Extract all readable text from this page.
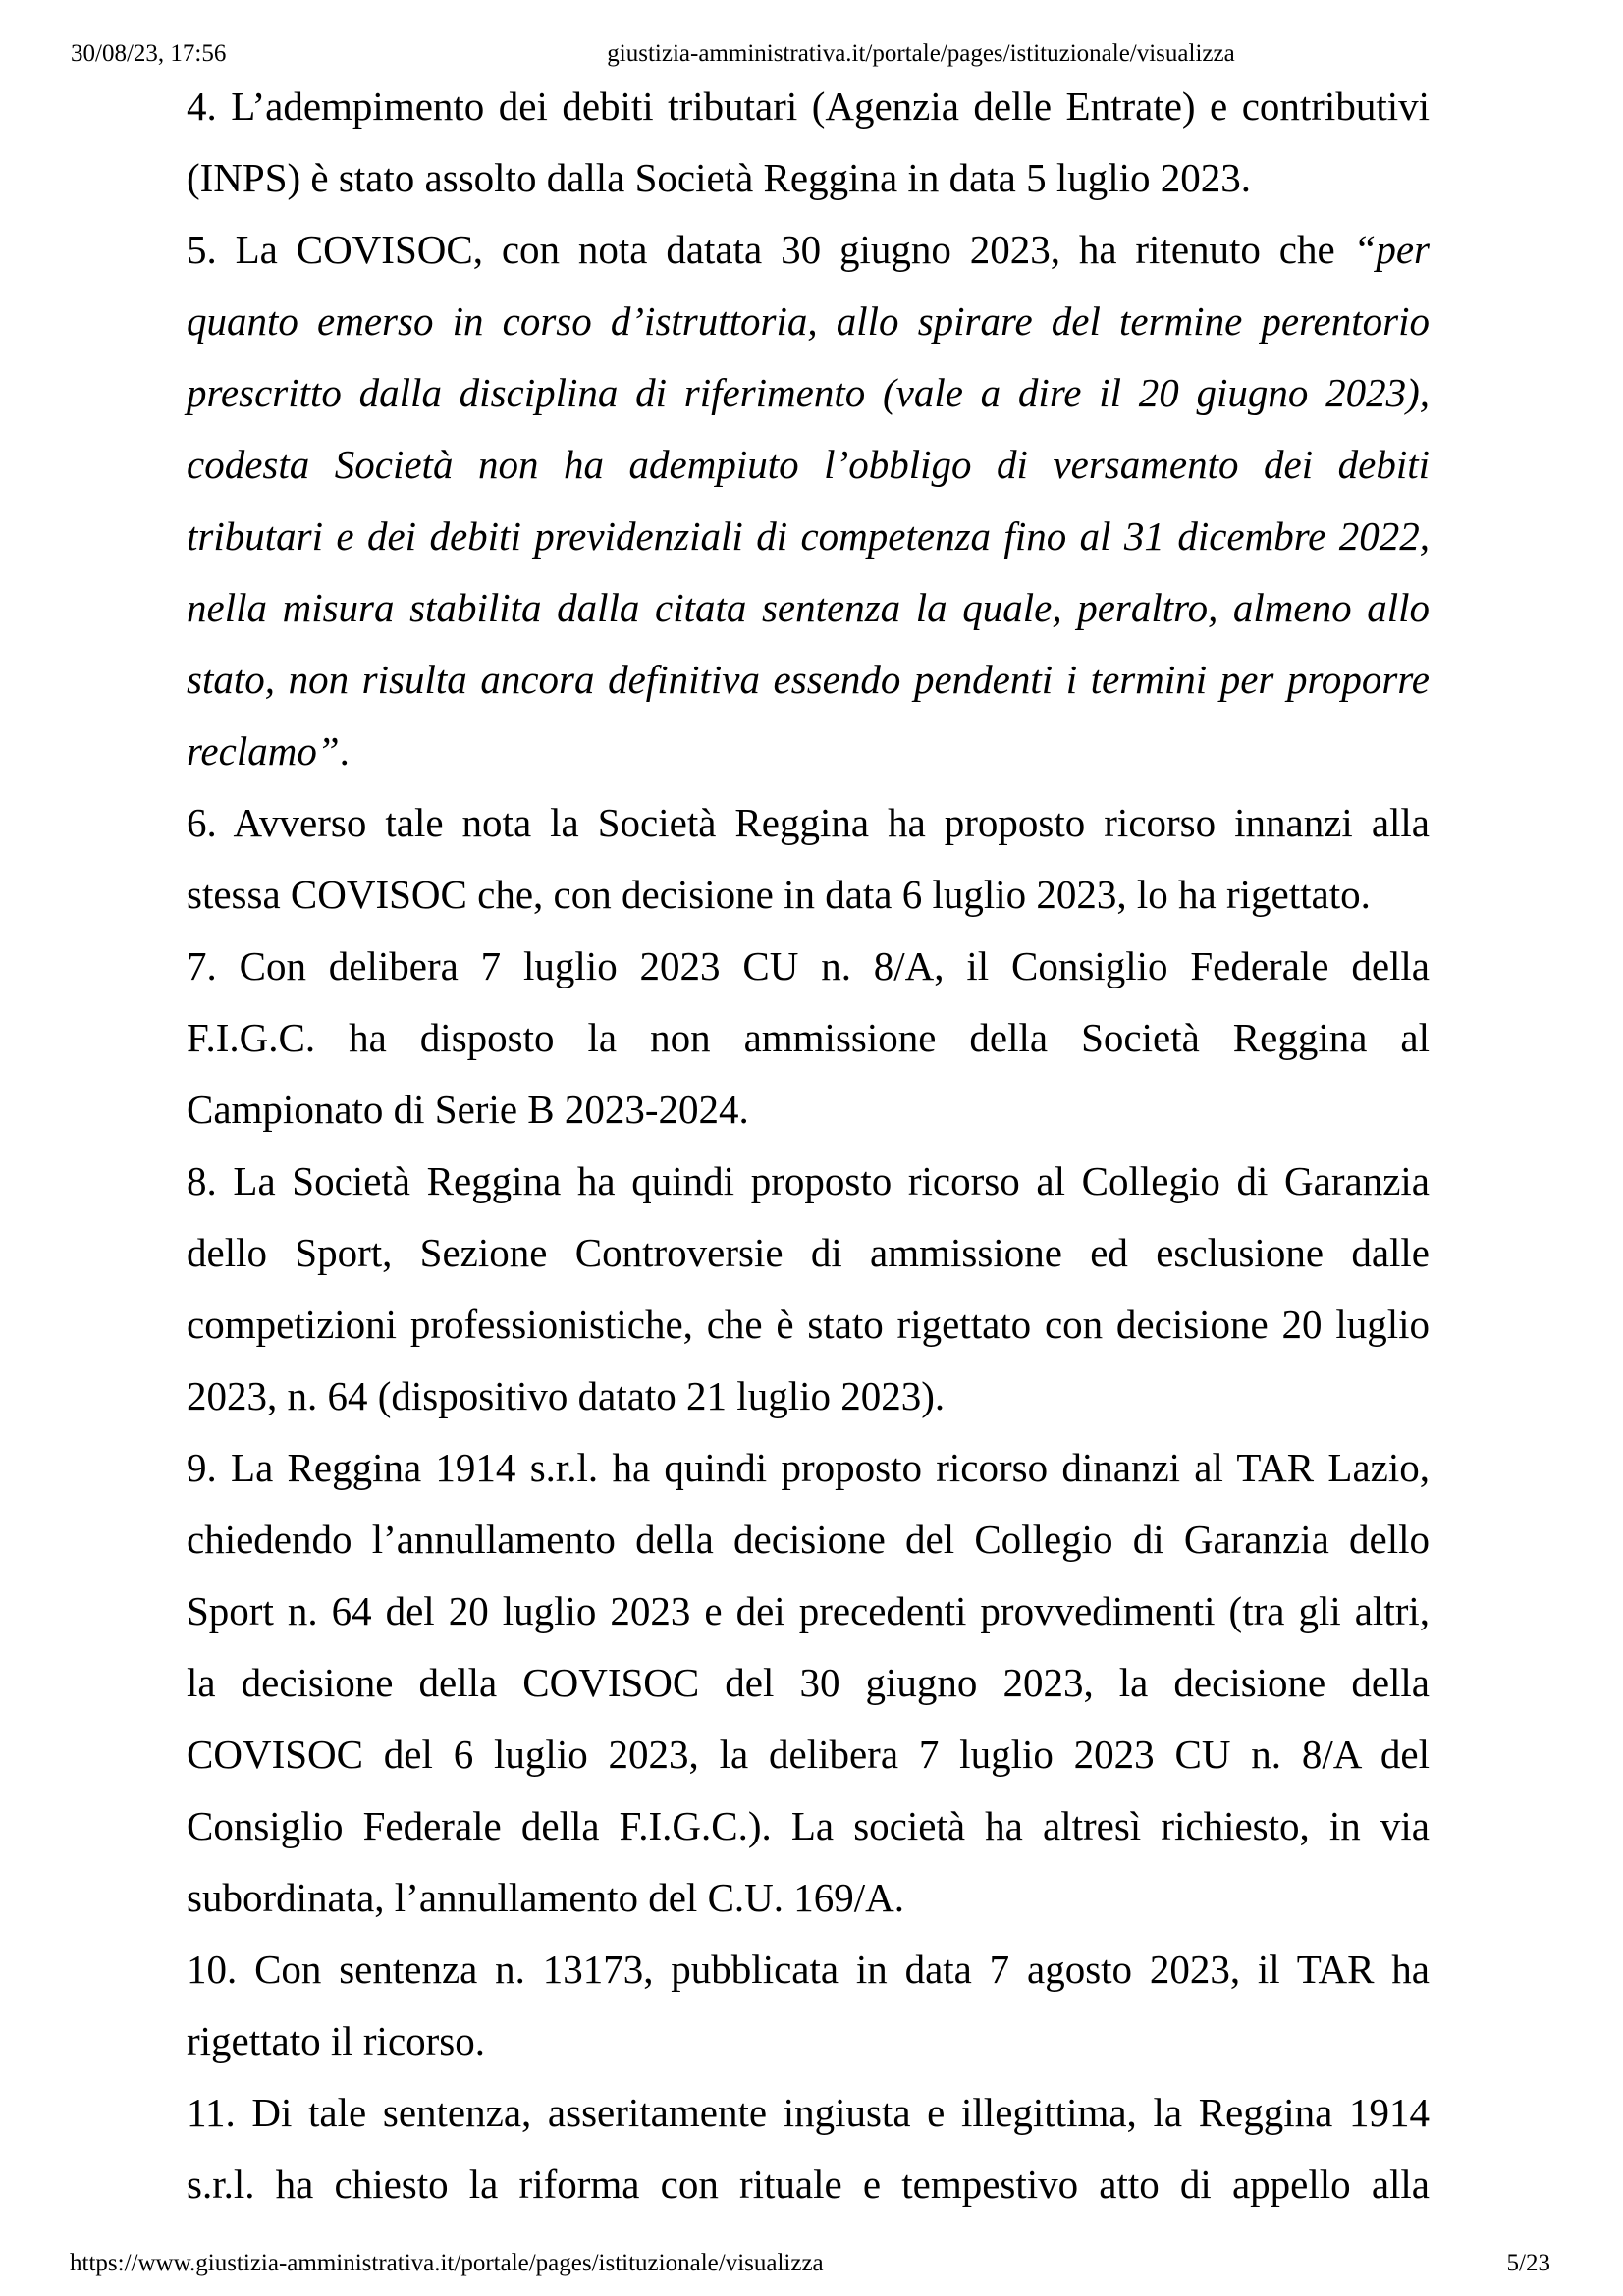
30/08/23, 17:56	giustizia-amministrativa.it/portale/pages/istituzionale/visualizza
4. L’adempimento dei debiti tributari (Agenzia delle Entrate) e contributivi
(INPS) è stato assolto dalla Società Reggina in data 5 luglio 2023.
5. La COVISOC, con nota datata 30 giugno 2023, ha ritenuto che “per
quanto emerso in corso d’istruttoria, allo spirare del termine perentorio
prescritto dalla disciplina di riferimento (vale a dire il 20 giugno 2023),
codesta Società non ha adempiuto l’obbligo di versamento dei debiti
tributari e dei debiti previdenziali di competenza fino al 31 dicembre 2022,
nella misura stabilita dalla citata sentenza la quale, peraltro, almeno allo
stato, non risulta ancora definitiva essendo pendenti i termini per proporre
reclamo”.
6. Avverso tale nota la Società Reggina ha proposto ricorso innanzi alla
stessa COVISOC che, con decisione in data 6 luglio 2023, lo ha rigettato.
7. Con delibera 7 luglio 2023 CU n. 8/A, il Consiglio Federale della
F.I.G.C. ha disposto la non ammissione della Società Reggina al
Campionato di Serie B 2023-2024.
8. La Società Reggina ha quindi proposto ricorso al Collegio di Garanzia
dello Sport, Sezione Controversie di ammissione ed esclusione dalle
competizioni professionistiche, che è stato rigettato con decisione 20 luglio
2023, n. 64 (dispositivo datato 21 luglio 2023).
9. La Reggina 1914 s.r.l. ha quindi proposto ricorso dinanzi al TAR Lazio,
chiedendo l’annullamento della decisione del Collegio di Garanzia dello
Sport n. 64 del 20 luglio 2023 e dei precedenti provvedimenti (tra gli altri,
la decisione della COVISOC del 30 giugno 2023, la decisione della
COVISOC del 6 luglio 2023, la delibera 7 luglio 2023 CU n. 8/A del
Consiglio Federale della F.I.G.C.). La società ha altresì richiesto, in via
subordinata, l’annullamento del C.U. 169/A.
10. Con sentenza n. 13173, pubblicata in data 7 agosto 2023, il TAR ha
rigettato il ricorso.
11. Di tale sentenza, asseritamente ingiusta e illegittima, la Reggina 1914
s.r.l. ha chiesto la riforma con rituale e tempestivo atto di appello alla
https://www.giustizia-amministrativa.it/portale/pages/istituzionale/visualizza	5/23
